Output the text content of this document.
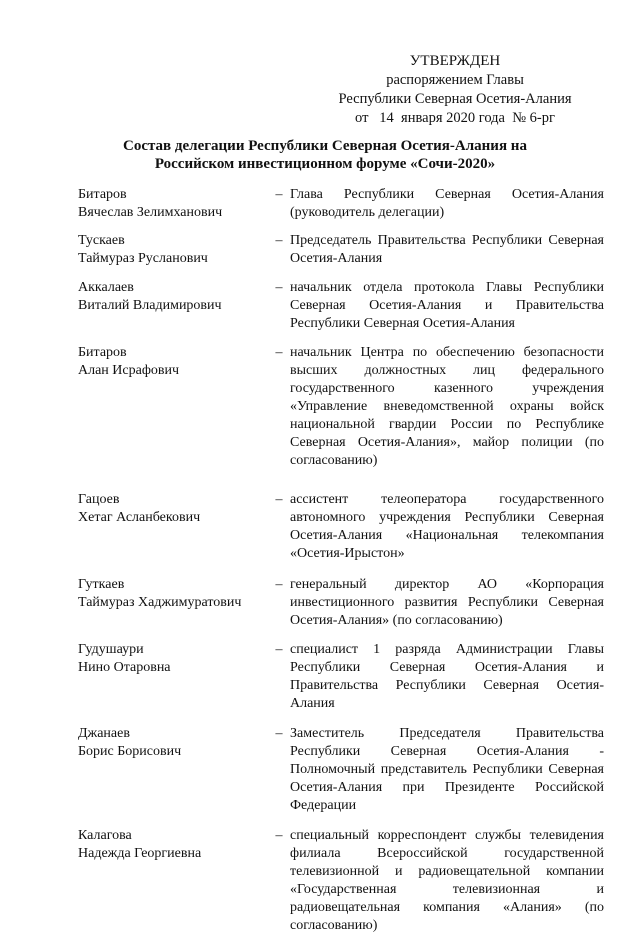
УТВЕРЖДЕН
распоряжением Главы
Республики Северная Осетия-Алания
от   14  января 2020 года  № 6-рг
Состав делегации Республики Северная Осетия-Алания на
Российском инвестиционном форуме «Сочи-2020»
Битаров
Вячеслав Зелимханович
– Глава Республики Северная Осетия-Алания (руководитель делегации)
Тускаев
Таймураз Русланович
– Председатель Правительства Республики Северная Осетия-Алания
Аккалаев
Виталий Владимирович
– начальник отдела протокола Главы Республики Северная Осетия-Алания и Правительства Республики Северная Осетия-Алания
Битаров
Алан Исрафович
– начальник Центра по обеспечению безопасности высших должностных лиц федерального государственного казенного учреждения «Управление вневедомственной охраны войск национальной гвардии России по Республике Северная Осетия-Алания», майор полиции (по согласованию)
Гацоев
Хетаг Асланбекович
– ассистент телеоператора государственного автономного учреждения Республики Северная Осетия-Алания «Национальная телекомпания «Осетия-Ирыстон»
Гуткаев
Таймураз Хаджимуратович
– генеральный директор АО «Корпорация инвестиционного развития Республики Северная Осетия-Алания» (по согласованию)
Гудушаури
Нино Отаровна
– специалист 1 разряда Администрации Главы Республики Северная Осетия-Алания и Правительства Республики Северная Осетия-Алания
Джанаев
Борис Борисович
– Заместитель Председателя Правительства Республики Северная Осетия-Алания - Полномочный представитель Республики Северная Осетия-Алания при Президенте Российской Федерации
Калагова
Надежда Георгиевна
– специальный корреспондент службы телевидения филиала Всероссийской государственной телевизионной и радиовещательной компании «Государственная телевизионная и радиовещательная компания «Алания» (по согласованию)
